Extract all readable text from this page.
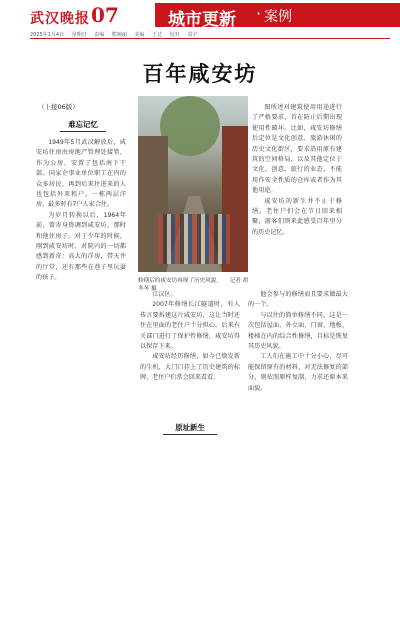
武汉晚报 07	城市更新 · 案例
2025年1月4日 星期日 责编 熊婉丽 美编 王达 校对 周宇
百年咸安坊
（上接06版）
难忘记忆

1949年5月武汉解放后，咸安坊住房由房地产管理处接管，作为公房，安置了包括南下干部、国家企事业单位职工在内的众多居民，再到后来往进来的人也包括外来租户。一栋两层洋房，最多时有7户人家合住。

为岁月转换以后，1964年前、曾寄身资调到咸安坊，那时和他住房子。对于少年的时候，刚到咸安坊时，对院内的一切都感到新奇：高大的洋房，带天井的厅堂，还有那些在巷子里玩耍的孩子。	修缮后的咸安坊再现了历史风貌。 记者 胡冬冬 摄

江汉区。

2007年修缮长江隧道时，有人传言要拆建这片咸安坊，这让当时还住在里面的老住户十分担心。后来有关部门进行了保护性修缮，咸安坊得以保存下来。

咸安坊经历修缮，如今已焕发新的生机，大门口挂上了历史建筑的标牌，老住户们常会回来看看。

原址新生

他会参与的修缮而且要求做最大的一个。

与以往的简单修缮不同，这是一次包括屋面、外立面、门窗、地板、楼梯在内的综合性修缮，目标是恢复其历史风貌。

工人们在施工中十分小心，尽可能保留原有的材料，对无法修复的部分，则依照原样复制，力求还原本来面貌。

图所述对建筑使用用途进行了严格要求，首在防止后期出现使用性破坏。比如，咸安坊修缮后定位是文化创意、旅游休闲的历史文化街区，要求沿用原有建筑的空间格局，以及其他定位于文化、创意、旅行的业态，不能用作安全性质的仓库或者作为其他用途。

咸安坊的新生并不止于修缮。老住户们会在节日回来相聚，游客们则来此感受百年里分的历史记忆。
